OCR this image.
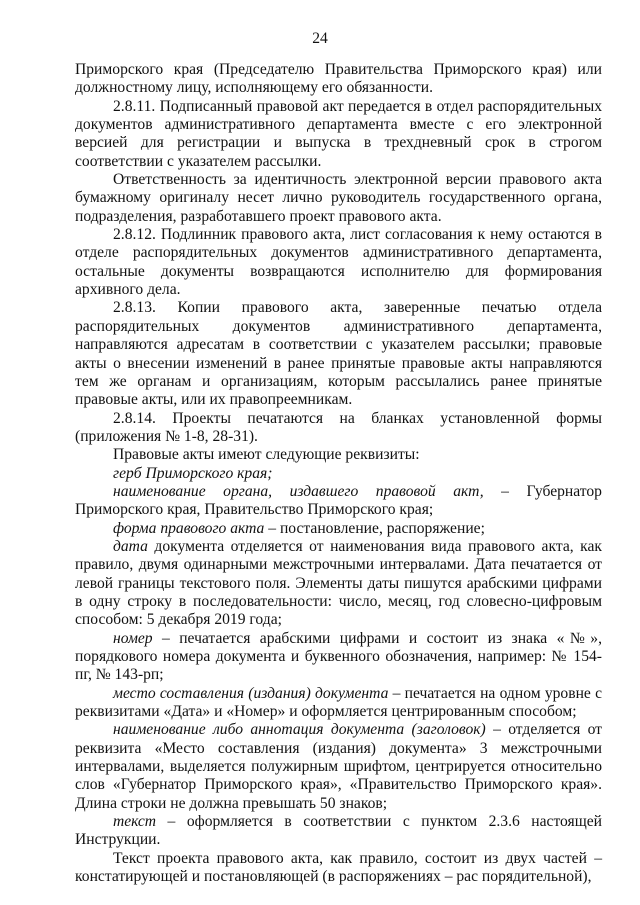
24

Приморского края (Председателю Правительства Приморского края) или должностному лицу, исполняющему его обязанности.

2.8.11. Подписанный правовой акт передается в отдел распорядительных документов административного департамента вместе с его электронной версией для регистрации и выпуска в трехдневный срок в строгом соответствии с указателем рассылки.

Ответственность за идентичность электронной версии правового акта бумажному оригиналу несет лично руководитель государственного органа, подразделения, разработавшего проект правового акта.

2.8.12. Подлинник правового акта, лист согласования к нему остаются в отделе распорядительных документов административного департамента, остальные документы возвращаются исполнителю для формирования архивного дела.

2.8.13. Копии правового акта, заверенные печатью отдела распорядительных документов административного департамента, направляются адресатам в соответствии с указателем рассылки; правовые акты о внесении изменений в ранее принятые правовые акты направляются тем же органам и организациям, которым рассылались ранее принятые правовые акты, или их правопреемникам.

2.8.14. Проекты печатаются на бланках установленной формы (приложения № 1-8, 28-31).

Правовые акты имеют следующие реквизиты:

герб Приморского края;

наименование органа, издавшего правовой акт, – Губернатор Приморского края, Правительство Приморского края;

форма правового акта – постановление, распоряжение;

дата документа отделяется от наименования вида правового акта, как правило, двумя одинарными межстрочными интервалами. Дата печатается от левой границы текстового поля. Элементы даты пишутся арабскими цифрами в одну строку в последовательности: число, месяц, год словесно-цифровым способом: 5 декабря 2019 года;

номер – печатается арабскими цифрами и состоит из знака «№», порядкового номера документа и буквенного обозначения, например: № 154-пг, № 143-рп;

место составления (издания) документа – печатается на одном уровне с реквизитами «Дата» и «Номер» и оформляется центрированным способом;

наименование либо аннотация документа (заголовок) – отделяется от реквизита «Место составления (издания) документа» 3 межстрочными интервалами, выделяется полужирным шрифтом, центрируется относительно слов «Губернатор Приморского края», «Правительство Приморского края». Длина строки не должна превышать 50 знаков;

текст – оформляется в соответствии с пунктом 2.3.6 настоящей Инструкции.

Текст проекта правового акта, как правило, состоит из двух частей – констатирующей и постановляющей (в распоряжениях – рас порядительной),
